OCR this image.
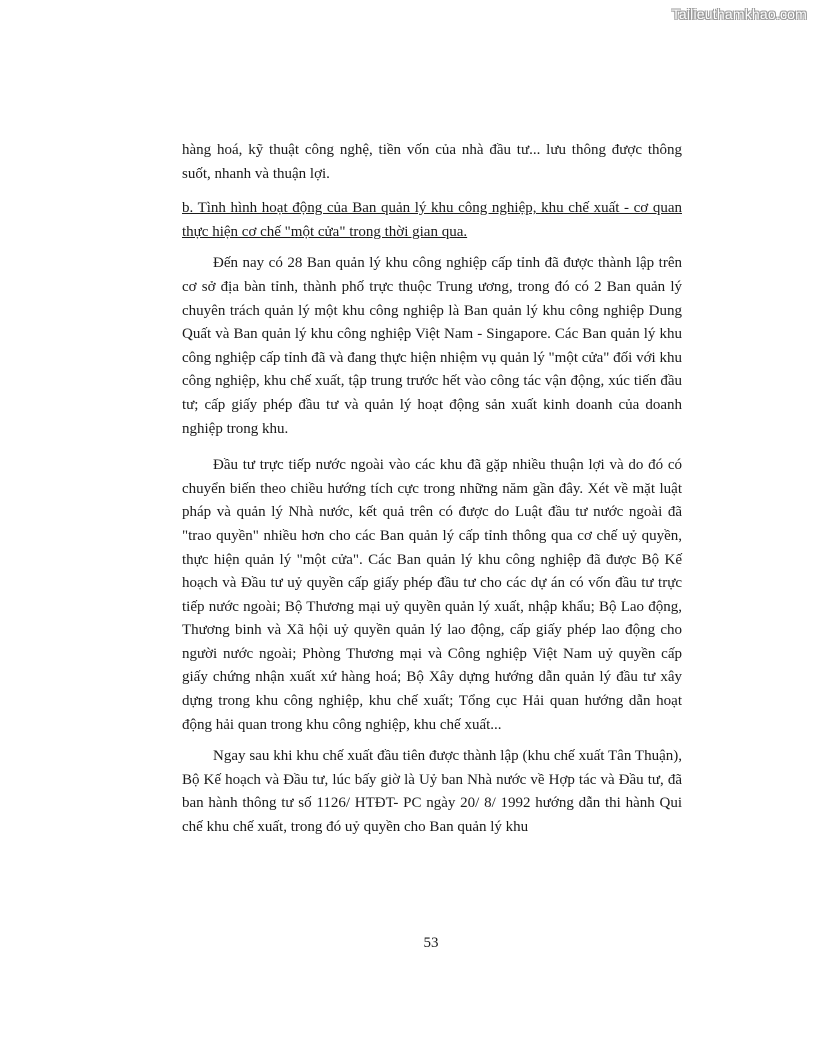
Tailieuthamkhao.com

hàng hoá, kỹ thuật công nghệ, tiền vốn của nhà đầu tư... lưu thông được thông suốt, nhanh và thuận lợi.

b. Tình hình hoạt động của Ban quản lý khu công nghiệp, khu chế xuất - cơ quan thực hiện cơ chế "một cửa" trong thời gian qua.

Đến nay có 28 Ban quản lý khu công nghiệp cấp tỉnh đã được thành lập trên cơ sở địa bàn tỉnh, thành phố trực thuộc Trung ương, trong đó có 2 Ban quản lý chuyên trách quản lý một khu công nghiệp là Ban quản lý khu công nghiệp Dung Quất và Ban quản lý khu công nghiệp Việt Nam - Singapore. Các Ban quản lý khu công nghiệp cấp tỉnh đã và đang thực hiện nhiệm vụ quản lý "một cửa" đối với khu công nghiệp, khu chế xuất, tập trung trước hết vào công tác vận động, xúc tiến đầu tư; cấp giấy phép đầu tư và quản lý hoạt động sản xuất kinh doanh của doanh nghiệp trong khu.

Đầu tư trực tiếp nước ngoài vào các khu đã gặp nhiều thuận lợi và do đó có chuyển biến theo chiều hướng tích cực trong những năm gần đây. Xét về mặt luật pháp và quản lý Nhà nước, kết quả trên có được do Luật đầu tư nước ngoài đã "trao quyền" nhiều hơn cho các Ban quản lý cấp tỉnh thông qua cơ chế uỷ quyền, thực hiện quản lý "một cửa". Các Ban quản lý khu công nghiệp đã được Bộ Kế hoạch và Đầu tư uỷ quyền cấp giấy phép đầu tư cho các dự án có vốn đầu tư trực tiếp nước ngoài; Bộ Thương mại uỷ quyền quản lý xuất, nhập khẩu; Bộ Lao động, Thương binh và Xã hội uỷ quyền quản lý lao động, cấp giấy phép lao động cho người nước ngoài; Phòng Thương mại và Công nghiệp Việt Nam uỷ quyền cấp giấy chứng nhận xuất xứ hàng hoá; Bộ Xây dựng hướng dẫn quản lý đầu tư xây dựng trong khu công nghiệp, khu chế xuất; Tổng cục Hải quan hướng dẫn hoạt động hải quan trong khu công nghiệp, khu chế xuất...

Ngay sau khi khu chế xuất đầu tiên được thành lập (khu chế xuất Tân Thuận), Bộ Kế hoạch và Đầu tư, lúc bấy giờ là Uỷ ban Nhà nước về Hợp tác và Đầu tư, đã ban hành thông tư số 1126/ HTĐT- PC ngày 20/ 8/ 1992 hướng dẫn thi hành Qui chế khu chế xuất, trong đó uỷ quyền cho Ban quản lý khu

53
